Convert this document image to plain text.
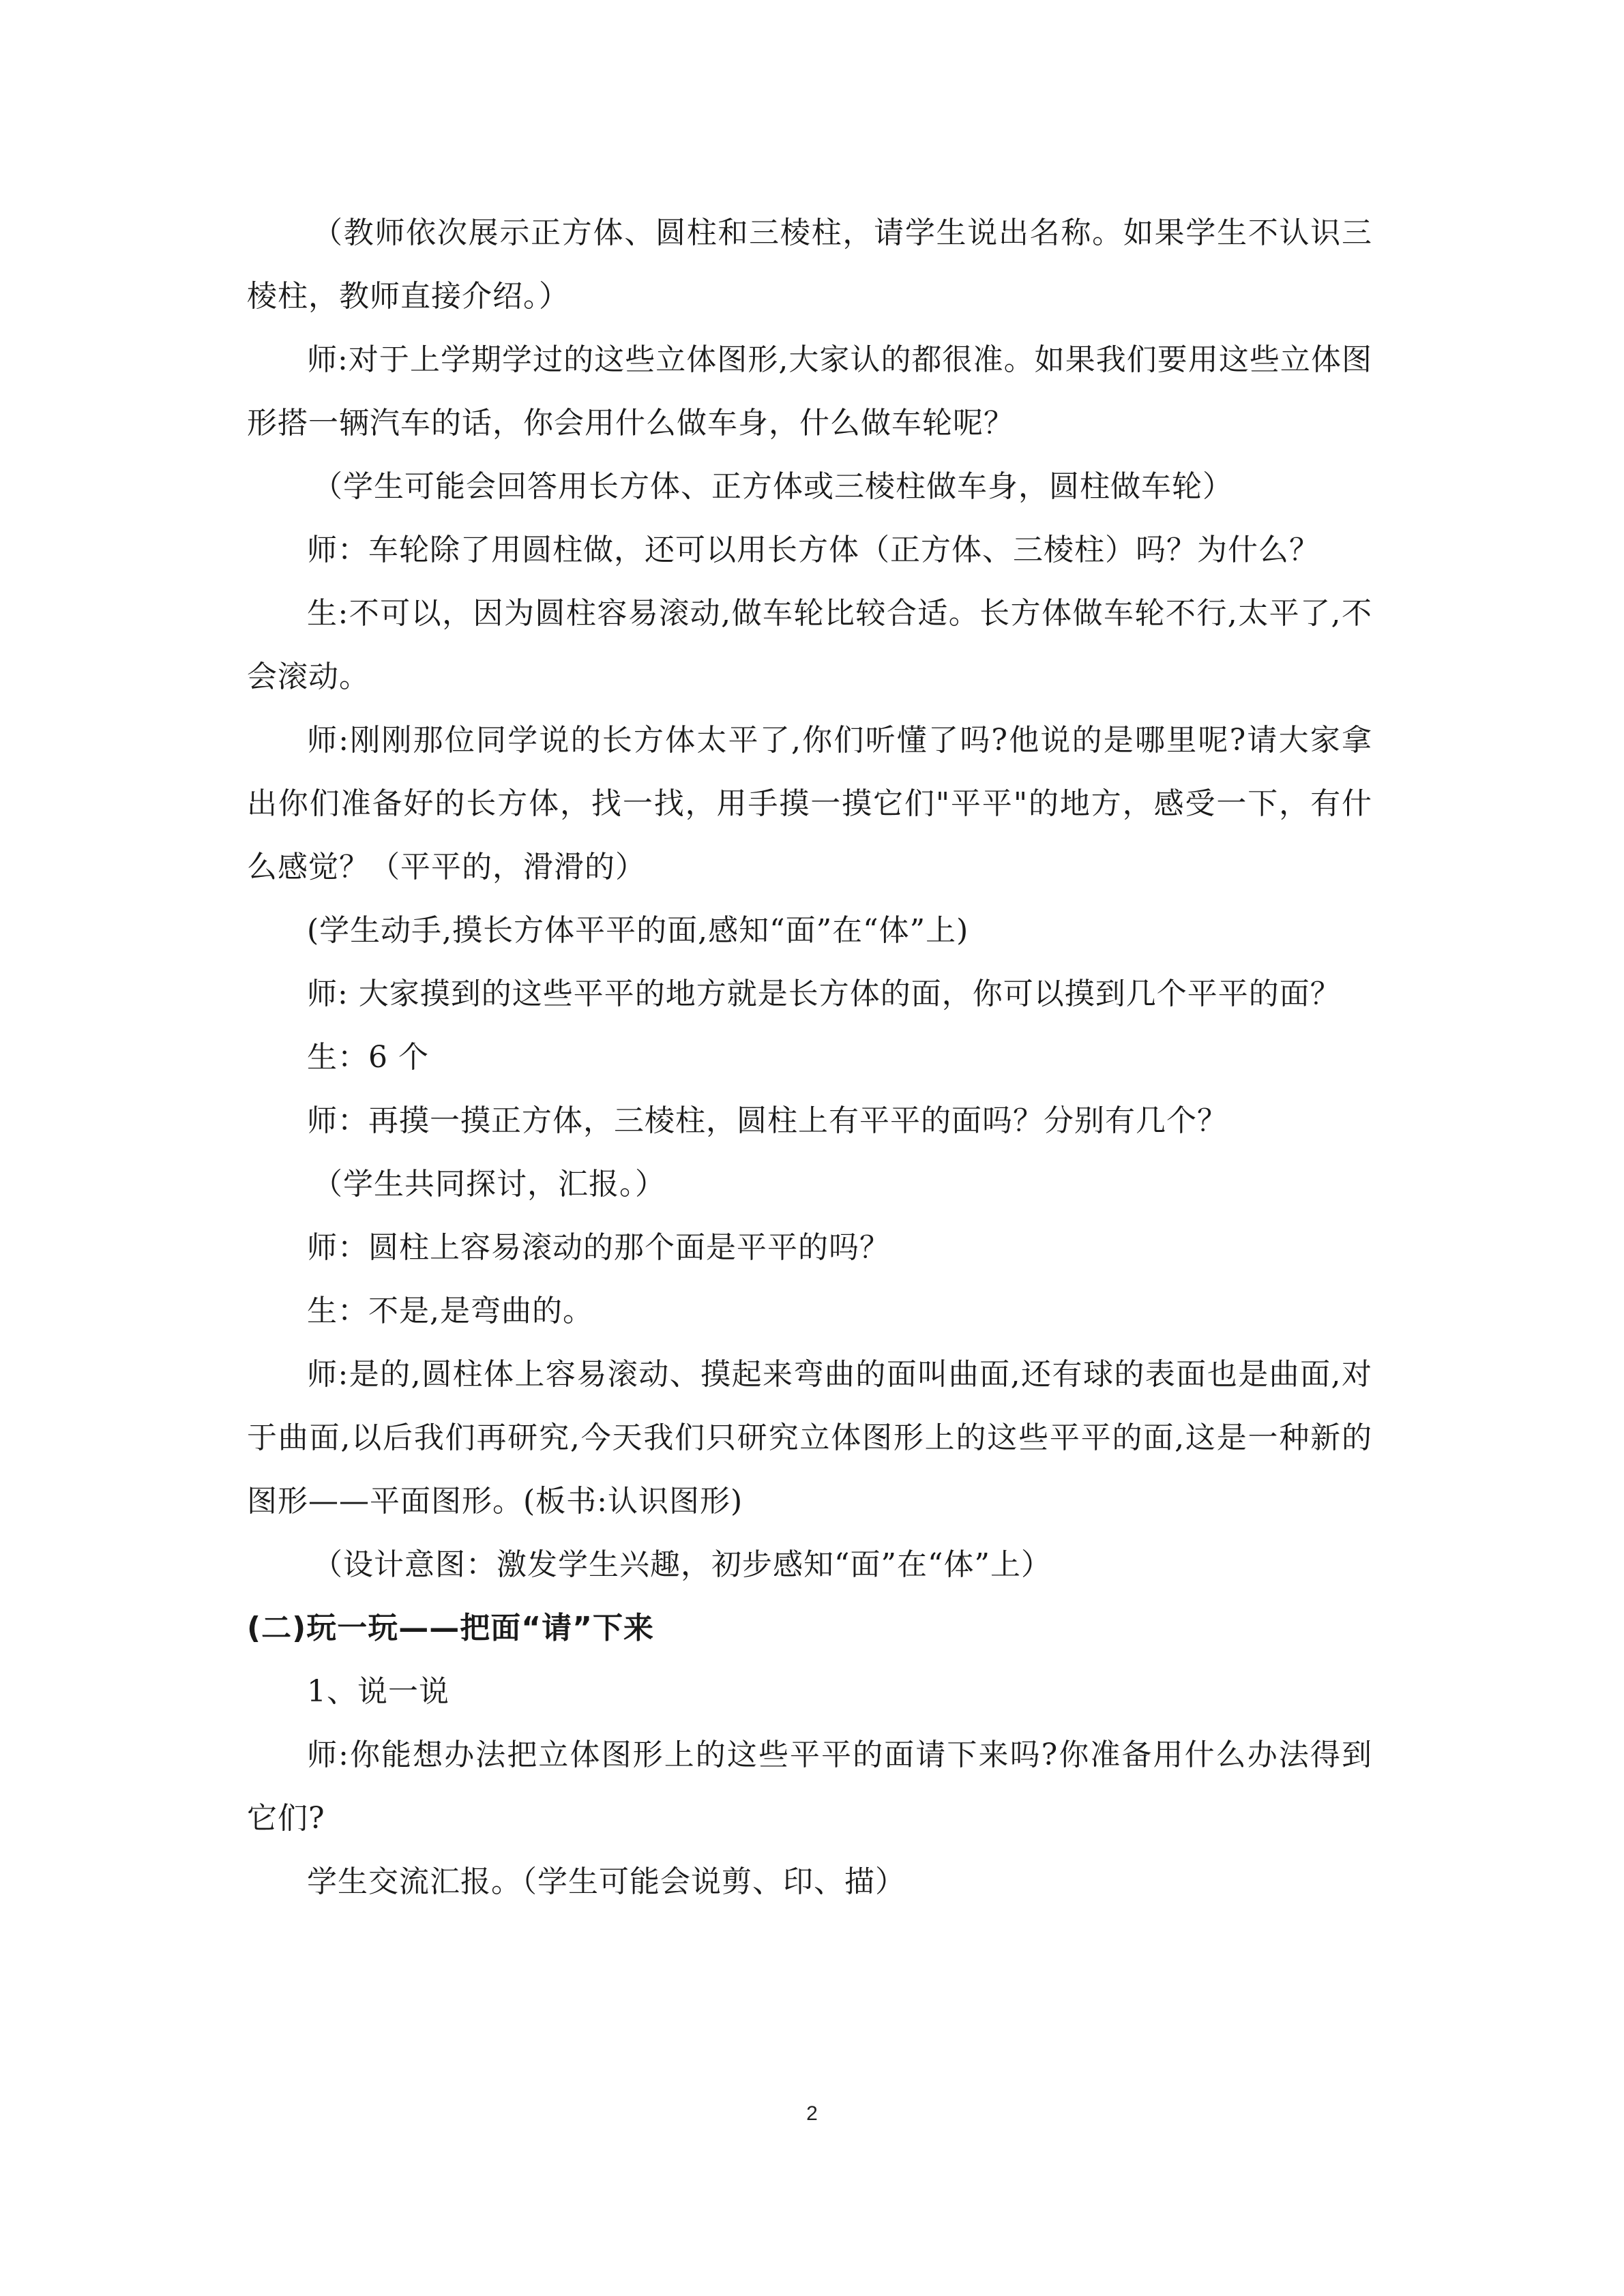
（教师依次展示正方体、圆柱和三棱柱，请学生说出名称。如果学生不认识三棱柱，教师直接介绍。）

师:对于上学期学过的这些立体图形,大家认的都很准。如果我们要用这些立体图形搭一辆汽车的话，你会用什么做车身，什么做车轮呢？

（学生可能会回答用长方体、正方体或三棱柱做车身，圆柱做车轮）

师：车轮除了用圆柱做，还可以用长方体（正方体、三棱柱）吗？为什么？

生:不可以，因为圆柱容易滚动,做车轮比较合适。长方体做车轮不行,太平了,不会滚动。

师:刚刚那位同学说的长方体太平了,你们听懂了吗?他说的是哪里呢?请大家拿出你们准备好的长方体，找一找，用手摸一摸它们"平平"的地方，感受一下，有什么感觉？（平平的，滑滑的）

(学生动手,摸长方体平平的面,感知“面”在“体”上)

师: 大家摸到的这些平平的地方就是长方体的面，你可以摸到几个平平的面？

生：6 个

师：再摸一摸正方体，三棱柱，圆柱上有平平的面吗？分别有几个？

（学生共同探讨，汇报。）

师：圆柱上容易滚动的那个面是平平的吗？

生：不是,是弯曲的。

师:是的,圆柱体上容易滚动、摸起来弯曲的面叫曲面,还有球的表面也是曲面,对于曲面,以后我们再研究,今天我们只研究立体图形上的这些平平的面,这是一种新的图形——平面图形。(板书:认识图形)

（设计意图：激发学生兴趣，初步感知“面”在“体”上）

(二)玩一玩——把面“请”下来

1、说一说

师:你能想办法把立体图形上的这些平平的面请下来吗?你准备用什么办法得到它们?

学生交流汇报。（学生可能会说剪、印、描）

2
